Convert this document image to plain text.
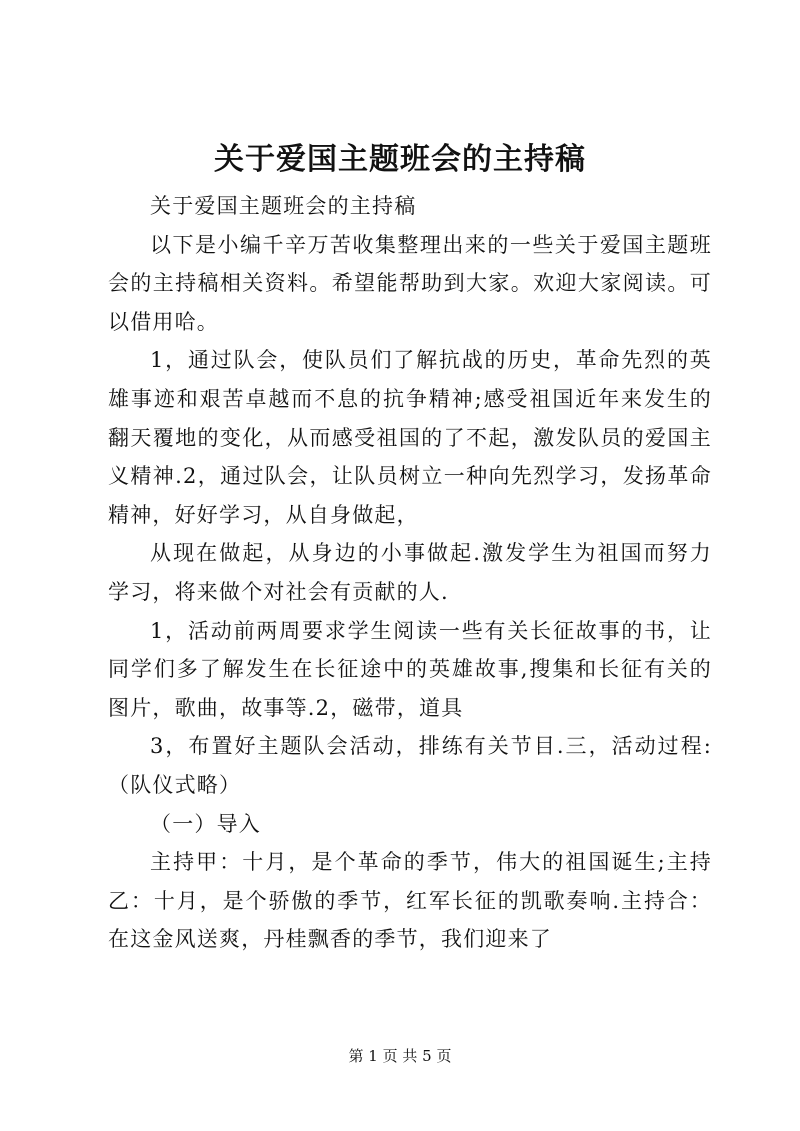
关于爱国主题班会的主持稿

关于爱国主题班会的主持稿

以下是小编千辛万苦收集整理出来的一些关于爱国主题班会的主持稿相关资料。希望能帮助到大家。欢迎大家阅读。可以借用哈。

1，通过队会，使队员们了解抗战的历史，革命先烈的英雄事迹和艰苦卓越而不息的抗争精神;感受祖国近年来发生的翻天覆地的变化，从而感受祖国的了不起，激发队员的爱国主义精神.2，通过队会，让队员树立一种向先烈学习，发扬革命精神，好好学习，从自身做起，

从现在做起，从身边的小事做起.激发学生为祖国而努力学习，将来做个对社会有贡献的人.

1，活动前两周要求学生阅读一些有关长征故事的书，让同学们多了解发生在长征途中的英雄故事,搜集和长征有关的图片，歌曲，故事等.2，磁带，道具

3，布置好主题队会活动，排练有关节目.三，活动过程:（队仪式略）

（一）导入

主持甲：十月，是个革命的季节，伟大的祖国诞生;主持乙：十月，是个骄傲的季节，红军长征的凯歌奏响.主持合：在这金风送爽，丹桂飘香的季节，我们迎来了

第 1 页 共 5 页
